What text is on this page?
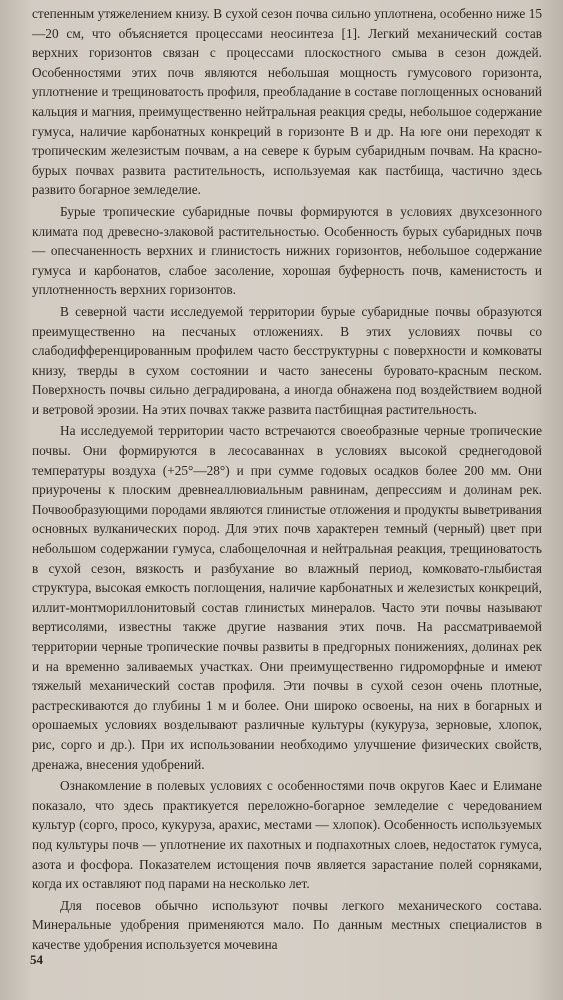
степенным утяжелением книзу. В сухой сезон почва сильно уплотнена, особенно ниже 15—20 см, что объясняется процессами неосинтеза [1]. Легкий механический состав верхних горизонтов связан с процессами плоскостного смыва в сезон дождей. Особенностями этих почв являются небольшая мощность гумусового горизонта, уплотнение и трещиноватость профиля, преобладание в составе поглощенных оснований кальция и магния, преимущественно нейтральная реакция среды, небольшое содержание гумуса, наличие карбонатных конкреций в горизонте В и др. На юге они переходят к тропическим железистым почвам, а на севере к бурым субаридным почвам. На красно-бурых почвах развита растительность, используемая как пастбища, частично здесь развито богарное земледелие.

Бурые тропические субаридные почвы формируются в условиях двухсезонного климата под древесно-злаковой растительностью. Особенность бурых субаридных почв — опесчаненность верхних и глинистость нижних горизонтов, небольшое содержание гумуса и карбонатов, слабое засоление, хорошая буферность почв, каменистость и уплотненность верхних горизонтов.

В северной части исследуемой территории бурые субаридные почвы образуются преимущественно на песчаных отложениях. В этих условиях почвы со слабодифференцированным профилем часто бесструктурны с поверхности и комковаты книзу, тверды в сухом состоянии и часто занесены буровато-красным песком. Поверхность почвы сильно деградирована, а иногда обнажена под воздействием водной и ветровой эрозии. На этих почвах также развита пастбищная растительность.

На исследуемой территории часто встречаются своеобразные черные тропические почвы. Они формируются в лесосаваннах в условиях высокой среднегодовой температуры воздуха (+25°—28°) и при сумме годовых осадков более 200 мм. Они приурочены к плоским древнеаллювиальным равнинам, депрессиям и долинам рек. Почвообразующими породами являются глинистые отложения и продукты выветривания основных вулканических пород. Для этих почв характерен темный (черный) цвет при небольшом содержании гумуса, слабощелочная и нейтральная реакция, трещиноватость в сухой сезон, вязкость и разбухание во влажный период, комковато-глыбистая структура, высокая емкость поглощения, наличие карбонатных и железистых конкреций, иллит-монтмориллонитовый состав глинистых минералов. Часто эти почвы называют вертисолями, известны также другие названия этих почв. На рассматриваемой территории черные тропические почвы развиты в предгорных понижениях, долинах рек и на временно заливаемых участках. Они преимущественно гидроморфные и имеют тяжелый механический состав профиля. Эти почвы в сухой сезон очень плотные, растрескиваются до глубины 1 м и более. Они широко освоены, на них в богарных и орошаемых условиях возделывают различные культуры (кукуруза, зерновые, хлопок, рис, сорго и др.). При их использовании необходимо улучшение физических свойств, дренажа, внесения удобрений.

Ознакомление в полевых условиях с особенностями почв округов Каес и Елимане показало, что здесь практикуется переложно-богарное земледелие с чередованием культур (сорго, просо, кукуруза, арахис, местами — хлопок). Особенность используемых под культуры почв — уплотнение их пахотных и подпахотных слоев, недостаток гумуса, азота и фосфора. Показателем истощения почв является зарастание полей сорняками, когда их оставляют под парами на несколько лет.

Для посевов обычно используют почвы легкого механического состава. Минеральные удобрения применяются мало. По данным местных специалистов в качестве удобрения используется мочевина

54
